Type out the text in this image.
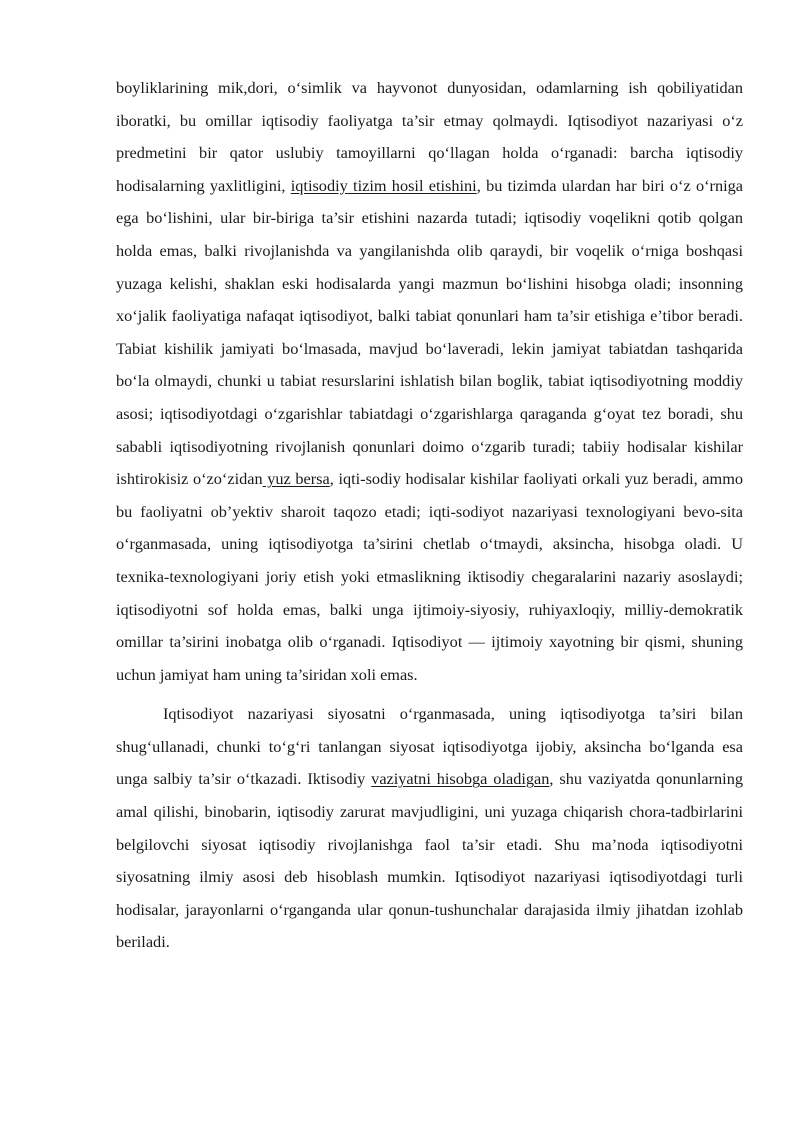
boyliklarining mik,dori, o‘simlik va hayvonot dunyosidan, odamlarning ish qobiliyatidan iboratki, bu omillar iqtisodiy faoliyatga ta’sir etmay qolmaydi. Iqtisodiyot nazariyasi o‘z predmetini bir qator uslubiy tamoyillarni qo‘llagan holda o‘rganadi: barcha iqtisodiy hodisalarning yaxlitligini, iqtisodiy tizim hosil etishini, bu tizimda ulardan har biri o‘z o‘rniga ega bo‘lishini, ular bir-biriga ta’sir etishini nazarda tutadi; iqtisodiy voqelikni qotib qolgan holda emas, balki rivojlanishda va yangilanishda olib qaraydi, bir voqelik o‘rniga boshqasi yuzaga kelishi, shaklan eski hodisalarda yangi mazmun bo‘lishini hisobga oladi; insonning xo‘jalik faoliyatiga nafaqat iqtisodiyot, balki tabiat qonunlari ham ta’sir etishiga e’tibor beradi. Tabiat kishilik jamiyati bo‘lmasada, mavjud bo‘laveradi, lekin jamiyat tabiatdan tashqarida bo‘la olmaydi, chunki u tabiat resurslarini ishlatish bilan boglik, tabiat iqtisodiyotning moddiy asosi; iqtisodiyotdagi o‘zgarishlar tabiatdagi o‘zgarishlarga qaraganda g‘oyat tez boradi, shu sababli iqtisodiyotning rivojlanish qonunlari doimo o‘zgarib turadi; tabiiy hodisalar kishilar ishtirokisiz o‘zo‘zidan yuz bersa, iqti-sodiy hodisalar kishilar faoliyati orkali yuz beradi, ammo bu faoliyatni ob’yektiv sharoit taqozo etadi; iqti-sodiyot nazariyasi texnologiyani bevo-sita o‘rganmasada, uning iqtisodiyotga ta’sirini chetlab o‘tmaydi, aksincha, hisobga oladi. U texnika-texnologiyani joriy etish yoki etmaslikning iktisodiy chegaralarini nazariy asoslaydi; iqtisodiyotni sof holda emas, balki unga ijtimoiy-siyosiy, ruhiyaxloqiy, milliy-demokratik omillar ta’sirini inobatga olib o‘rganadi. Iqtisodiyot — ijtimoiy xayotning bir qismi, shuning uchun jamiyat ham uning ta’siridan xoli emas.

Iqtisodiyot nazariyasi siyosatni o‘rganmasada, uning iqtisodiyotga ta’siri bilan shug‘ullanadi, chunki to‘g‘ri tanlangan siyosat iqtisodiyotga ijobiy, aksincha bo‘lganda esa unga salbiy ta’sir o‘tkazadi. Iktisodiy vaziyatni hisobga oladigan, shu vaziyatda qonunlarning amal qilishi, binobarin, iqtisodiy zarurat mavjudligini, uni yuzaga chiqarish chora-tadbirlarini belgilovchi siyosat iqtisodiy rivojlanishga faol ta’sir etadi. Shu ma’noda iqtisodiyotni siyosatning ilmiy asosi deb hisoblash mumkin. Iqtisodiyot nazariyasi iqtisodiyotdagi turli hodisalar, jarayonlarni o‘rganganda ular qonun-tushunchalar darajasida ilmiy jihatdan izohlab beriladi.
